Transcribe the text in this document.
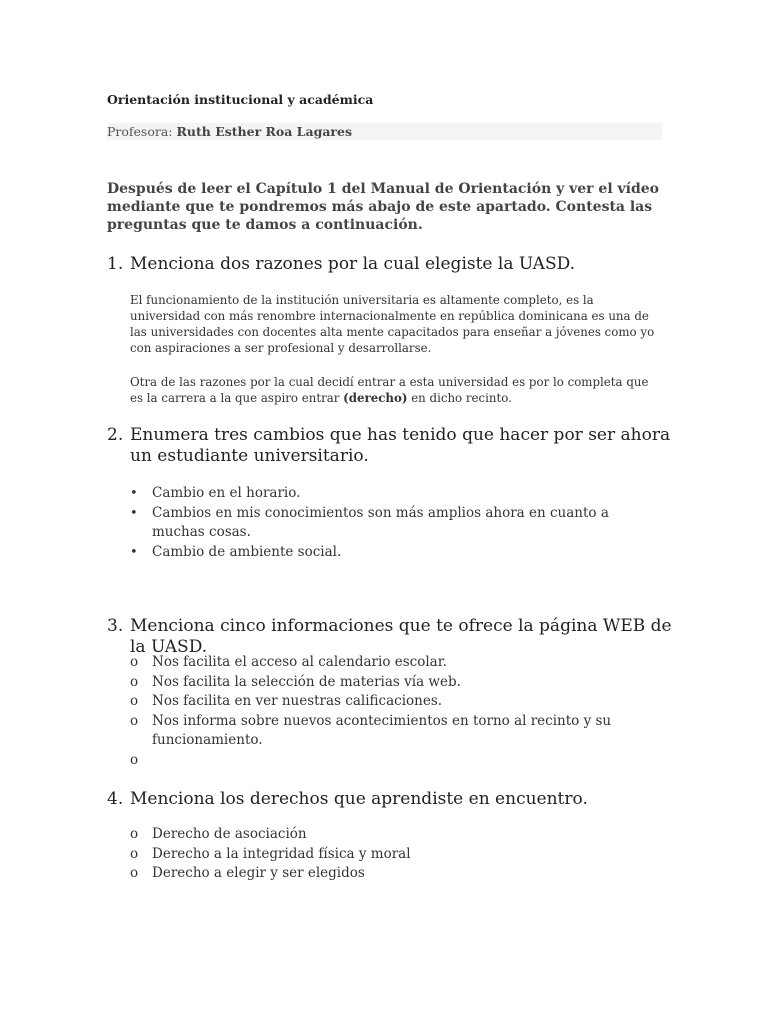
Orientación institucional y académica
Profesora: Ruth Esther Roa Lagares
Después de leer el Capítulo 1 del Manual de Orientación y ver el vídeo mediante que te pondremos más abajo de este apartado. Contesta las preguntas que te damos a continuación.
1. Menciona dos razones por la cual elegiste la UASD.
El funcionamiento de la institución universitaria es altamente completo, es la universidad con más renombre internacionalmente en república dominicana es una de las universidades con docentes alta mente capacitados para enseñar a jóvenes como yo con aspiraciones a ser profesional y desarrollarse.
Otra de las razones por la cual decidí entrar a esta universidad es por lo completa que es la carrera a la que aspiro entrar (derecho) en dicho recinto.
2. Enumera tres cambios que has tenido que hacer por ser ahora un estudiante universitario.
• Cambio en el horario.
• Cambios en mis conocimientos son más amplios ahora en cuanto a muchas cosas.
• Cambio de ambiente social.
3. Menciona cinco informaciones que te ofrece la página WEB de la UASD.
o Nos facilita el acceso al calendario escolar.
o Nos facilita la selección de materias vía web.
o Nos facilita en ver nuestras calificaciones.
o Nos informa sobre nuevos acontecimientos en torno al recinto y su funcionamiento.
o
4. Menciona los derechos que aprendiste en encuentro.
o Derecho de asociación
o Derecho a la integridad física y moral
o Derecho a elegir y ser elegidos
